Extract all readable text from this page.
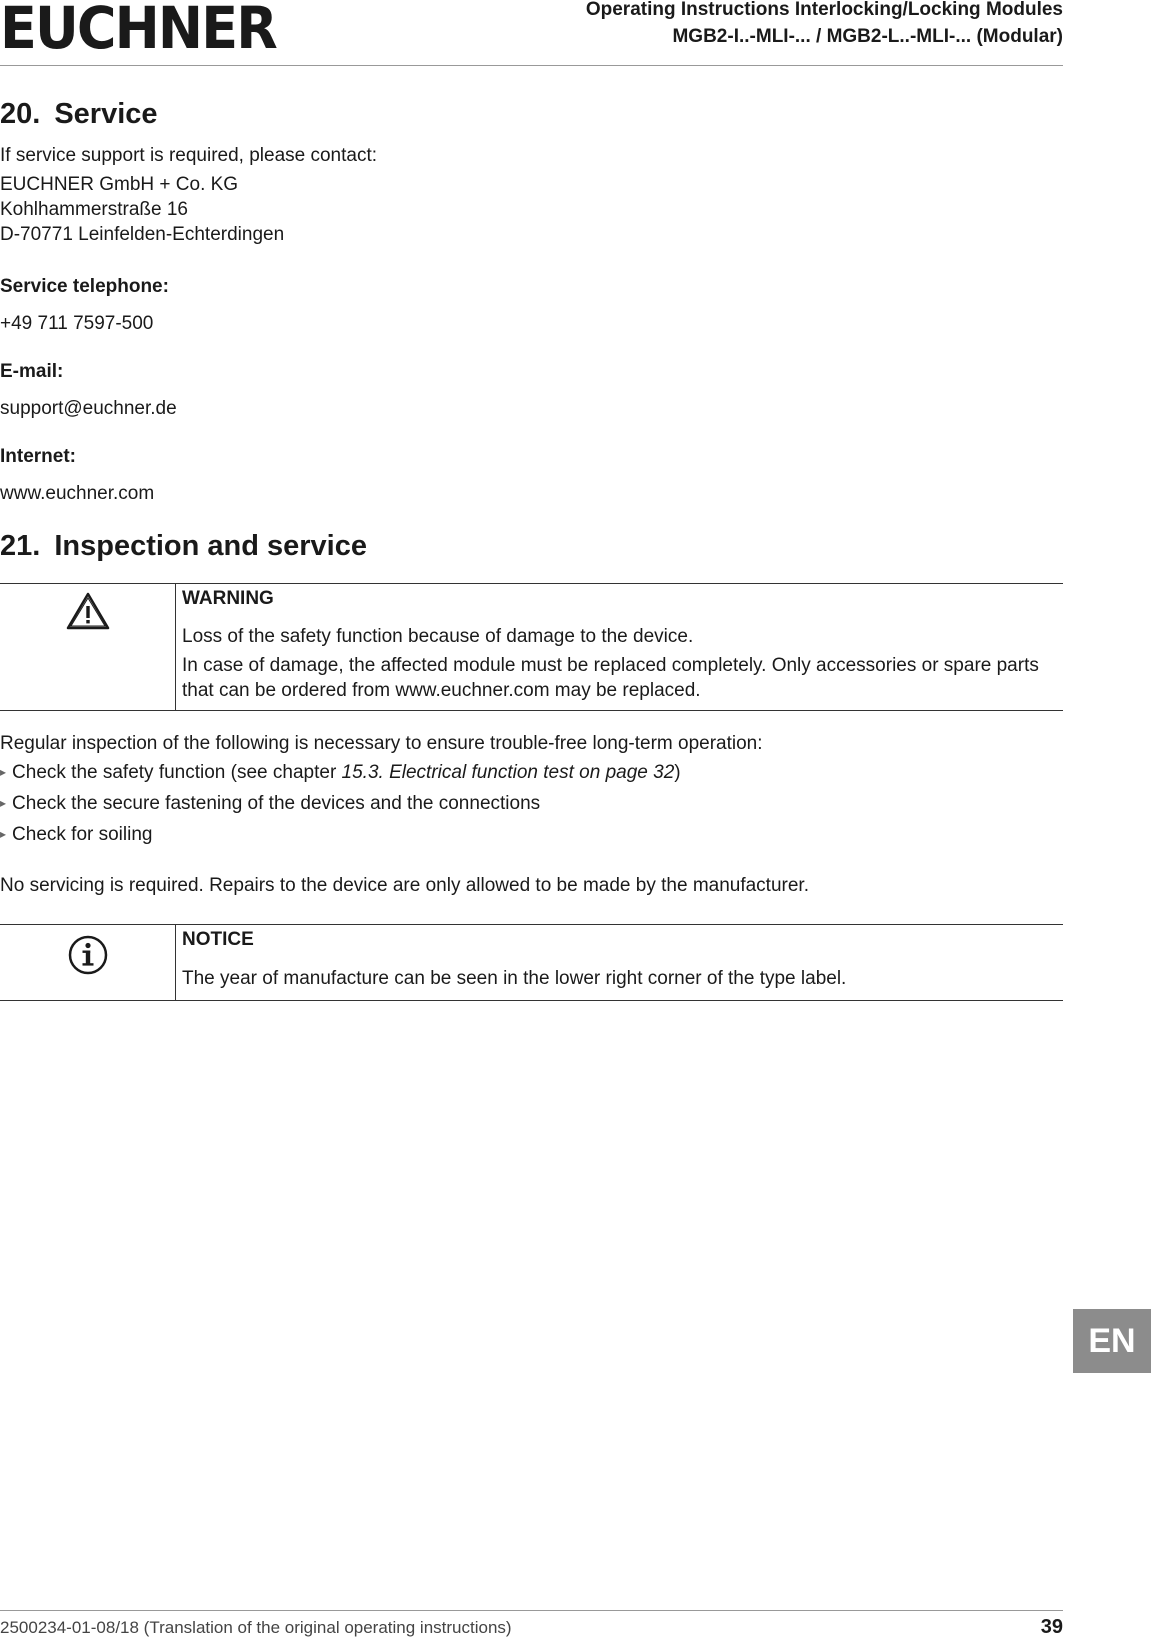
EUCHNER	Operating Instructions Interlocking/Locking Modules
MGB2-I..-MLI-... / MGB2-L..-MLI-... (Modular)
20. Service
If service support is required, please contact:
EUCHNER GmbH + Co. KG
Kohlhammerstraße 16
D-70771 Leinfelden-Echterdingen
Service telephone:
+49 711 7597-500
E-mail:
support@euchner.de
Internet:
www.euchner.com
21. Inspection and service
WARNING
Loss of the safety function because of damage to the device.
In case of damage, the affected module must be replaced completely. Only accessories or spare parts
that can be ordered from www.euchner.com may be replaced.
Regular inspection of the following is necessary to ensure trouble-free long-term operation:
▸ Check the safety function (see chapter 15.3. Electrical function test on page 32)
▸ Check the secure fastening of the devices and the connections
▸ Check for soiling
No servicing is required. Repairs to the device are only allowed to be made by the manufacturer.
NOTICE
The year of manufacture can be seen in the lower right corner of the type label.
EN
2500234-01-08/18 (Translation of the original operating instructions)	39
